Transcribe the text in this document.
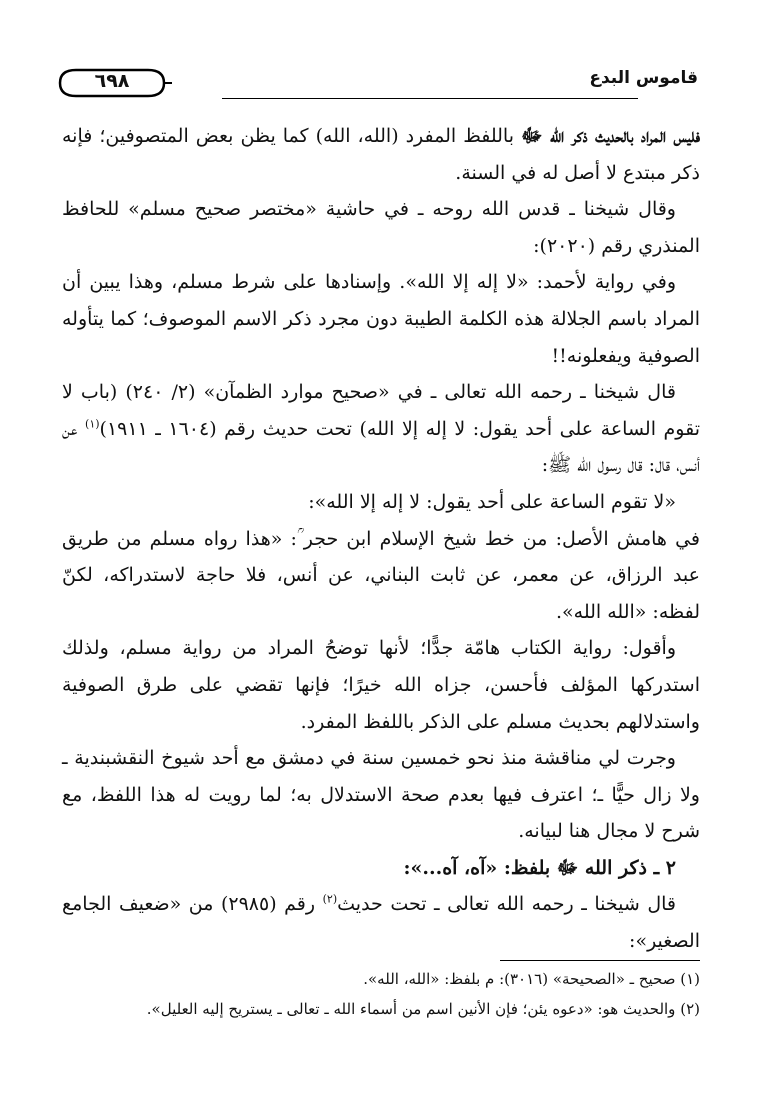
قاموس البدع
٦٩٨

فليس المراد بالحديث ذكر الله ﷻ باللفظ المفرد (الله، الله) كما يظن بعض المتصوفين؛ فإنه ذكر مبتدع لا أصل له في السنة.

وقال شيخنا ـ قدس الله روحه ـ في حاشية «مختصر صحيح مسلم» للحافظ المنذري رقم (٢٠٢٠):

وفي رواية لأحمد: «لا إله إلا الله». وإسنادها على شرط مسلم، وهذا يبين أن المراد باسم الجلالة هذه الكلمة الطيبة دون مجرد ذكر الاسم الموصوف؛ كما يتأوله الصوفية ويفعلونه!!

قال شيخنا ـ رحمه الله تعالى ـ في «صحيح موارد الظمآن» (٢/ ٢٤٠) (باب لا تقوم الساعة على أحد يقول: لا إله إلا الله) تحت حديث رقم (١٦٠٤ ـ ١٩١١)$^{(١)}$ عن أنس، قال: قال رسول الله ﷺ:

«لا تقوم الساعة على أحد يقول: لا إله إلا الله»:

في هامش الأصل: من خط شيخ الإسلام ابن حجر ؒ: «هذا رواه مسلم من طريق عبد الرزاق، عن معمر، عن ثابت البناني، عن أنس، فلا حاجة لاستدراكه، لكنّ لفظه: «الله الله».

وأقول: رواية الكتاب هامّة جدًّا؛ لأنها توضحُ المراد من رواية مسلم، ولذلك استدركها المؤلف فأحسن، جزاه الله خيرًا؛ فإنها تقضي على طرق الصوفية واستدلالهم بحديث مسلم على الذكر باللفظ المفرد.

وجرت لي مناقشة منذ نحو خمسين سنة في دمشق مع أحد شيوخ النقشبندية ـ ولا زال حيًّا ـ؛ اعترف فيها بعدم صحة الاستدلال به؛ لما رويت له هذا اللفظ، مع شرح لا مجال هنا لبيانه.

٢ ـ ذكر الله ﷻ بلفظ: «آه، آه...»:

قال شيخنا ـ رحمه الله تعالى ـ تحت حديث$^{(٢)}$ رقم (٢٩٨٥) من «ضعيف الجامع الصغير»:

(١) صحيح ـ «الصحيحة» (٣٠١٦): م بلفظ: «الله، الله».
(٢) والحديث هو: «دعوه يئن؛ فإن الأنين اسم من أسماء الله ـ تعالى ـ يستريح إليه العليل».
